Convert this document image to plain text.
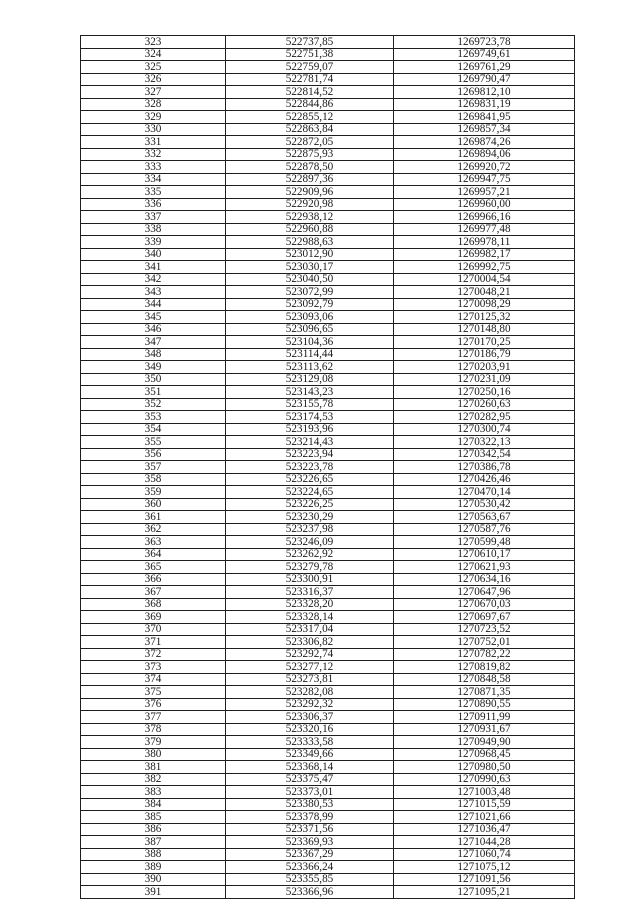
323	522737,85	1269723,78
324	522751,38	1269749,61
325	522759,07	1269761,29
326	522781,74	1269790,47
327	522814,52	1269812,10
328	522844,86	1269831,19
329	522855,12	1269841,95
330	522863,84	1269857,34
331	522872,05	1269874,26
332	522875,93	1269894,06
333	522878,50	1269920,72
334	522897,36	1269947,75
335	522909,96	1269957,21
336	522920,98	1269960,00
337	522938,12	1269966,16
338	522960,88	1269977,48
339	522988,63	1269978,11
340	523012,90	1269982,17
341	523030,17	1269992,75
342	523040,50	1270004,54
343	523072,99	1270048,21
344	523092,79	1270098,29
345	523093,06	1270125,32
346	523096,65	1270148,80
347	523104,36	1270170,25
348	523114,44	1270186,79
349	523113,62	1270203,91
350	523129,08	1270231,09
351	523143,23	1270250,16
352	523155,78	1270260,63
353	523174,53	1270282,95
354	523193,96	1270300,74
355	523214,43	1270322,13
356	523223,94	1270342,54
357	523223,78	1270386,78
358	523226,65	1270426,46
359	523224,65	1270470,14
360	523226,25	1270530,42
361	523230,29	1270563,67
362	523237,98	1270587,76
363	523246,09	1270599,48
364	523262,92	1270610,17
365	523279,78	1270621,93
366	523300,91	1270634,16
367	523316,37	1270647,96
368	523328,20	1270670,03
369	523328,14	1270697,67
370	523317,04	1270723,52
371	523306,82	1270752,01
372	523292,74	1270782,22
373	523277,12	1270819,82
374	523273,81	1270848,58
375	523282,08	1270871,35
376	523292,32	1270890,55
377	523306,37	1270911,99
378	523320,16	1270931,67
379	523333,58	1270949,90
380	523349,66	1270968,45
381	523368,14	1270980,50
382	523375,47	1270990,63
383	523373,01	1271003,48
384	523380,53	1271015,59
385	523378,99	1271021,66
386	523371,56	1271036,47
387	523369,93	1271044,28
388	523367,29	1271060,74
389	523366,24	1271075,12
390	523355,85	1271091,56
391	523366,96	1271095,21
